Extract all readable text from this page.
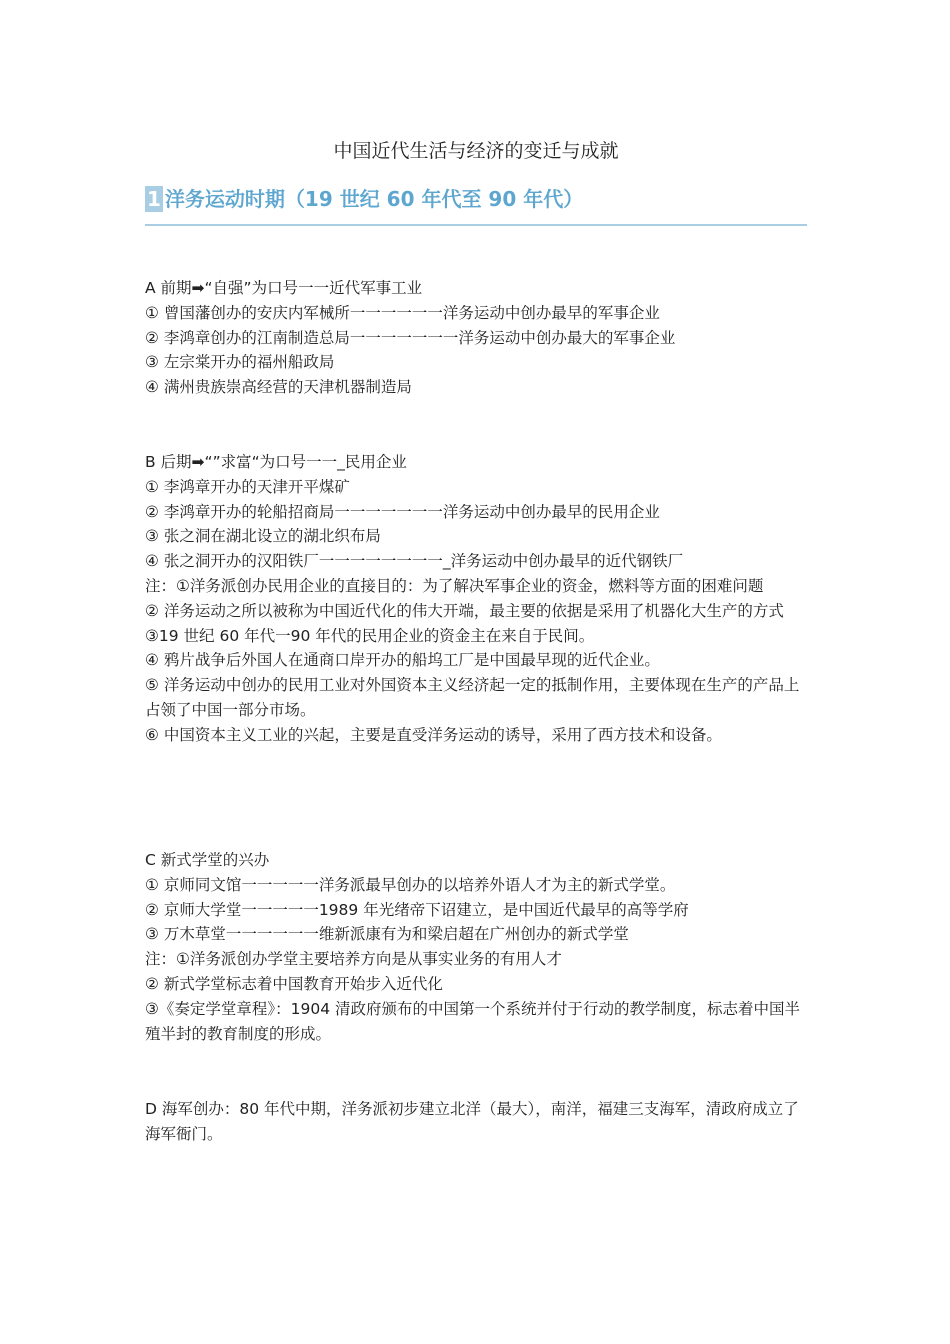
中国近代生活与经济的变迁与成就
1 洋务运动时期（19 世纪 60 年代至 90 年代）
A 前期➡“自强”为口号一一近代军事工业
① 曾国藩创办的安庆内军械所一一一一一一洋务运动中创办最早的军事企业
② 李鸿章创办的江南制造总局一一一一一一一洋务运动中创办最大的军事企业
③ 左宗棠开办的福州船政局
④ 满州贵族崇高经营的天津机器制造局
B 后期➡“”求富“为口号一一_民用企业
① 李鸿章开办的天津开平煤矿
② 李鸿章开办的轮船招商局一一一一一一一洋务运动中创办最早的民用企业
③ 张之洞在湖北设立的湖北织布局
④ 张之洞开办的汉阳铁厂一一一一一一一一_洋务运动中创办最早的近代钢铁厂
注：①洋务派创办民用企业的直接目的：为了解决军事企业的资金，燃料等方面的困难问题
② 洋务运动之所以被称为中国近代化的伟大开端，最主要的依据是采用了机器化大生产的方式
③19 世纪 60 年代一90 年代的民用企业的资金主在来自于民间。
④ 鸦片战争后外国人在通商口岸开办的船坞工厂是中国最早现的近代企业。
⑤ 洋务运动中创办的民用工业对外国资本主义经济起一定的抵制作用，主要体现在生产的产品上占领了中国一部分市场。
⑥ 中国资本主义工业的兴起，主要是直受洋务运动的诱导，采用了西方技术和设备。
C 新式学堂的兴办
① 京师同文馆一一一一一洋务派最早创办的以培养外语人才为主的新式学堂。
② 京师大学堂一一一一一1989 年光绪帝下诏建立，是中国近代最早的高等学府
③ 万木草堂一一一一一一维新派康有为和梁启超在广州创办的新式学堂
注：①洋务派创办学堂主要培养方向是从事实业务的有用人才
② 新式学堂标志着中国教育开始步入近代化
③《奏定学堂章程》：1904 清政府颁布的中国第一个系统并付于行动的教学制度，标志着中国半殖半封的教育制度的形成。
D 海军创办：80 年代中期，洋务派初步建立北洋（最大），南洋，福建三支海军，清政府成立了海军衙门。
